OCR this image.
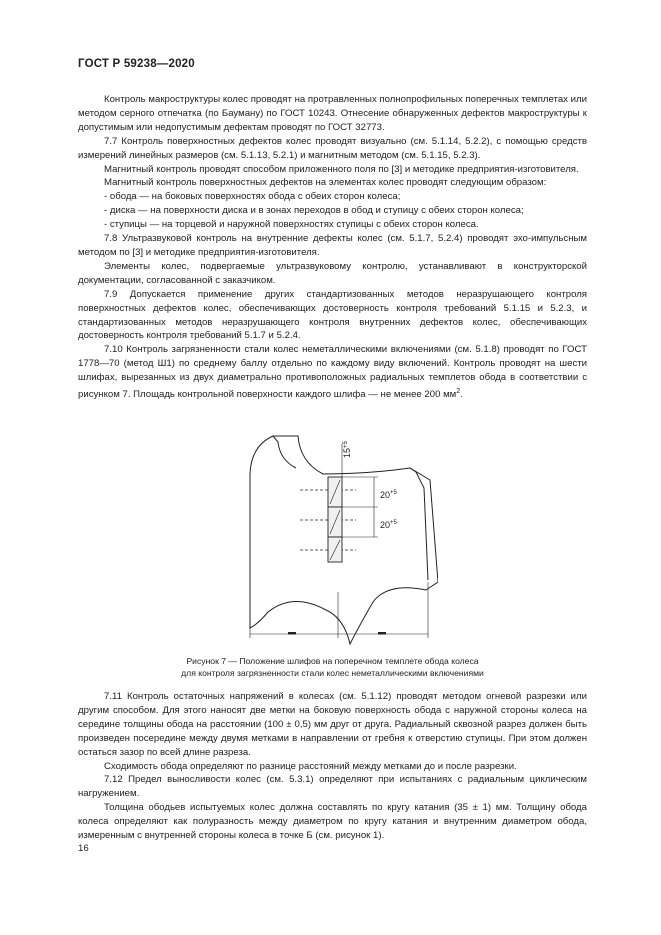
ГОСТ Р 59238—2020

Контроль макроструктуры колес проводят на протравленных полнопрофильных поперечных темплетах или методом серного отпечатка (по Бауману) по ГОСТ 10243. Отнесение обнаруженных дефектов макроструктуры к допустимым или недопустимым дефектам проводят по ГОСТ 32773.

7.7 Контроль поверхностных дефектов колес проводят визуально (см. 5.1.14, 5.2.2), с помощью средств измерений линейных размеров (см. 5.1.13, 5.2.1) и магнитным методом (см. 5.1.15, 5.2.3).

Магнитный контроль проводят способом приложенного поля по [3] и методике предприятия-изготовителя.

Магнитный контроль поверхностных дефектов на элементах колес проводят следующим образом:

- обода — на боковых поверхностях обода с обеих сторон колеса;

- диска — на поверхности диска и в зонах переходов в обод и ступицу с обеих сторон колеса;

- ступицы — на торцевой и наружной поверхностях ступицы с обеих сторон колеса.

7.8 Ультразвуковой контроль на внутренние дефекты колес (см. 5.1.7, 5.2.4) проводят эхо-импульсным методом по [3] и методике предприятия-изготовителя.

Элементы колес, подвергаемые ультразвуковому контролю, устанавливают в конструкторской документации, согласованной с заказчиком.

7.9 Допускается применение других стандартизованных методов неразрушающего контроля поверхностных дефектов колес, обеспечивающих достоверность контроля требований 5.1.15 и 5.2.3, и стандартизованных методов неразрушающего контроля внутренних дефектов колес, обеспечивающих достоверность контроля требований 5.1.7 и 5.2.4.

7.10 Контроль загрязненности стали колес неметаллическими включениями (см. 5.1.8) проводят по ГОСТ 1778—70 (метод Ш1) по среднему баллу отдельно по каждому виду включений. Контроль проводят на шести шлифах, вырезанных из двух диаметрально противоположных радиальных темплетов обода в соответствии с рисунком 7. Площадь контрольной поверхности каждого шлифа — не менее 200 $мм^2$.

$15^{+5}$
$20^{+5}$
$20^{+5}$
Рисунок 7 — Положение шлифов на поперечном темплете обода колеса
для контроля загрязненности стали колес неметаллическими включениями

7.11 Контроль остаточных напряжений в колесах (см. 5.1.12) проводят методом огневой разрезки или другим способом. Для этого наносят две метки на боковую поверхность обода с наружной стороны колеса на середине толщины обода на расстоянии (100 ± 0,5) мм друг от друга. Радиальный сквозной разрез должен быть произведен посередине между двумя метками в направлении от гребня к отверстию ступицы. При этом должен остаться зазор по всей длине разреза.

Сходимость обода определяют по разнице расстояний между метками до и после разрезки.

7.12 Предел выносливости колес (см. 5.3.1) определяют при испытаниях с радиальным циклическим нагружением.

Толщина ободьев испытуемых колес должна составлять по кругу катания (35 ± 1) мм. Толщину обода колеса определяют как полуразность между диаметром по кругу катания и внутренним диаметром обода, измеренным с внутренней стороны колеса в точке Б (см. рисунок 1).

16
